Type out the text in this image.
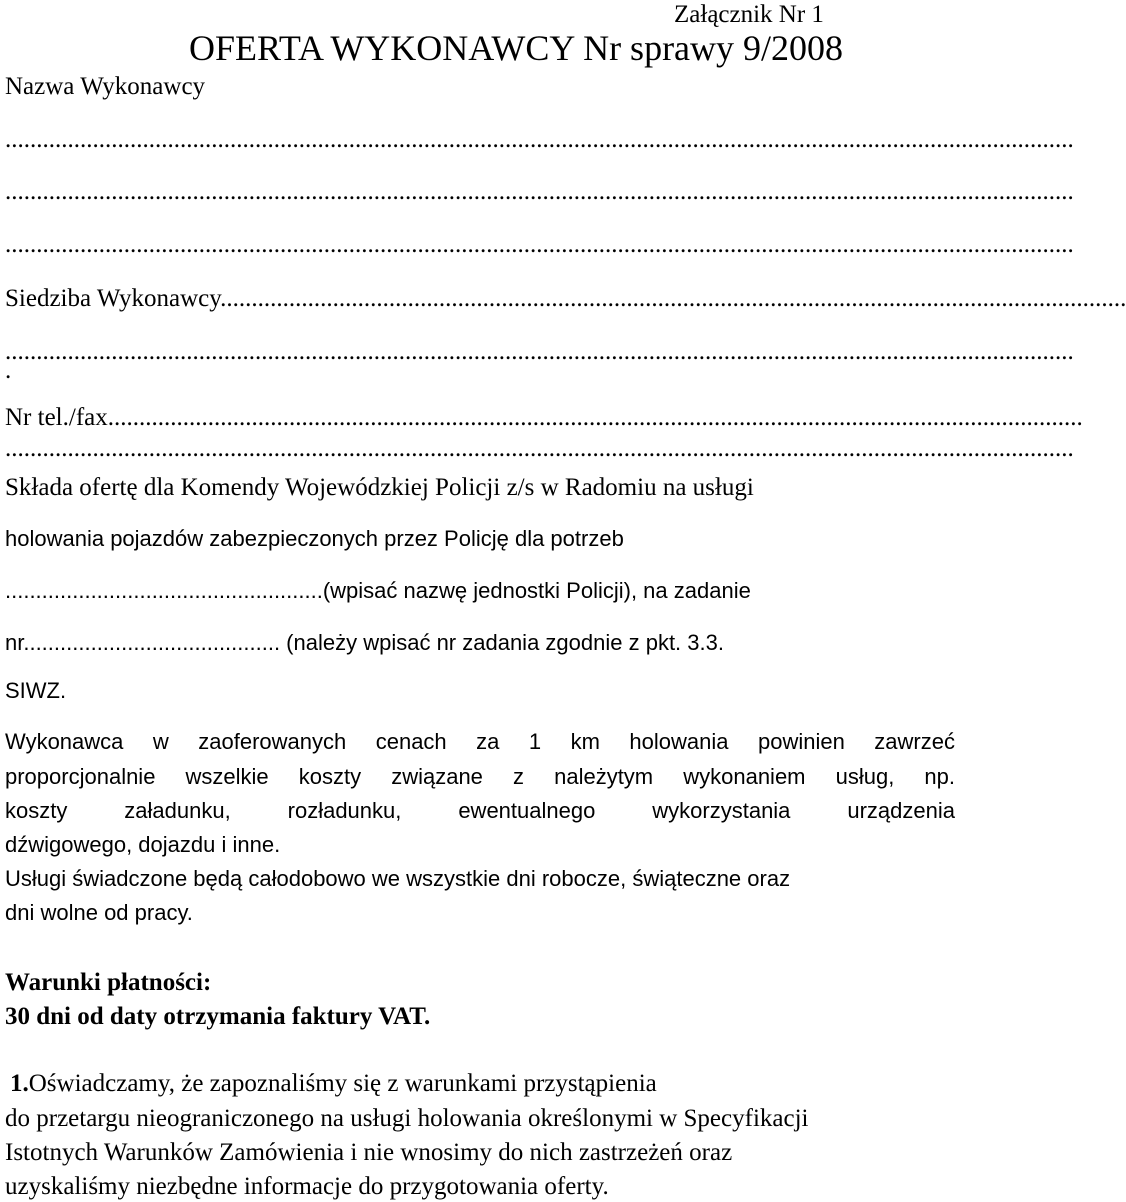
Załącznik Nr 1
OFERTA WYKONAWCY Nr sprawy 9/2008
Nazwa Wykonawcy
...........................................................................................................................................................................
...........................................................................................................................................................................
...........................................................................................................................................................................
Siedziba Wykonawcy.................................................................................................................................................
...........................................................................................................................................................................
.
Nr tel./fax............................................................................................................................................................
...........................................................................................................................................................................
Składa ofertę dla Komendy Wojewódzkiej Policji z/s w Radomiu na usługi
holowania pojazdów zabezpieczonych przez Policję dla potrzeb
....................................................(wpisać nazwę jednostki Policji), na zadanie
nr.......................................... (należy wpisać nr zadania zgodnie z pkt. 3.3.
SIWZ.
Wykonawca w zaoferowanych cenach za 1 km holowania powinien zawrzeć
proporcjonalnie wszelkie koszty związane z należytym wykonaniem usług, np.
koszty załadunku, rozładunku, ewentualnego wykorzystania urządzenia
dźwigowego, dojazdu i inne.
Usługi świadczone będą całodobowo we wszystkie dni robocze, świąteczne oraz
dni wolne od pracy.
Warunki płatności:
30 dni od daty otrzymania faktury VAT.
1.Oświadczamy, że zapoznaliśmy się z warunkami przystąpienia
do przetargu nieograniczonego na usługi holowania określonymi w Specyfikacji
Istotnych Warunków Zamówienia i nie wnosimy do nich zastrzeżeń oraz
uzyskaliśmy niezbędne informacje do przygotowania oferty.
